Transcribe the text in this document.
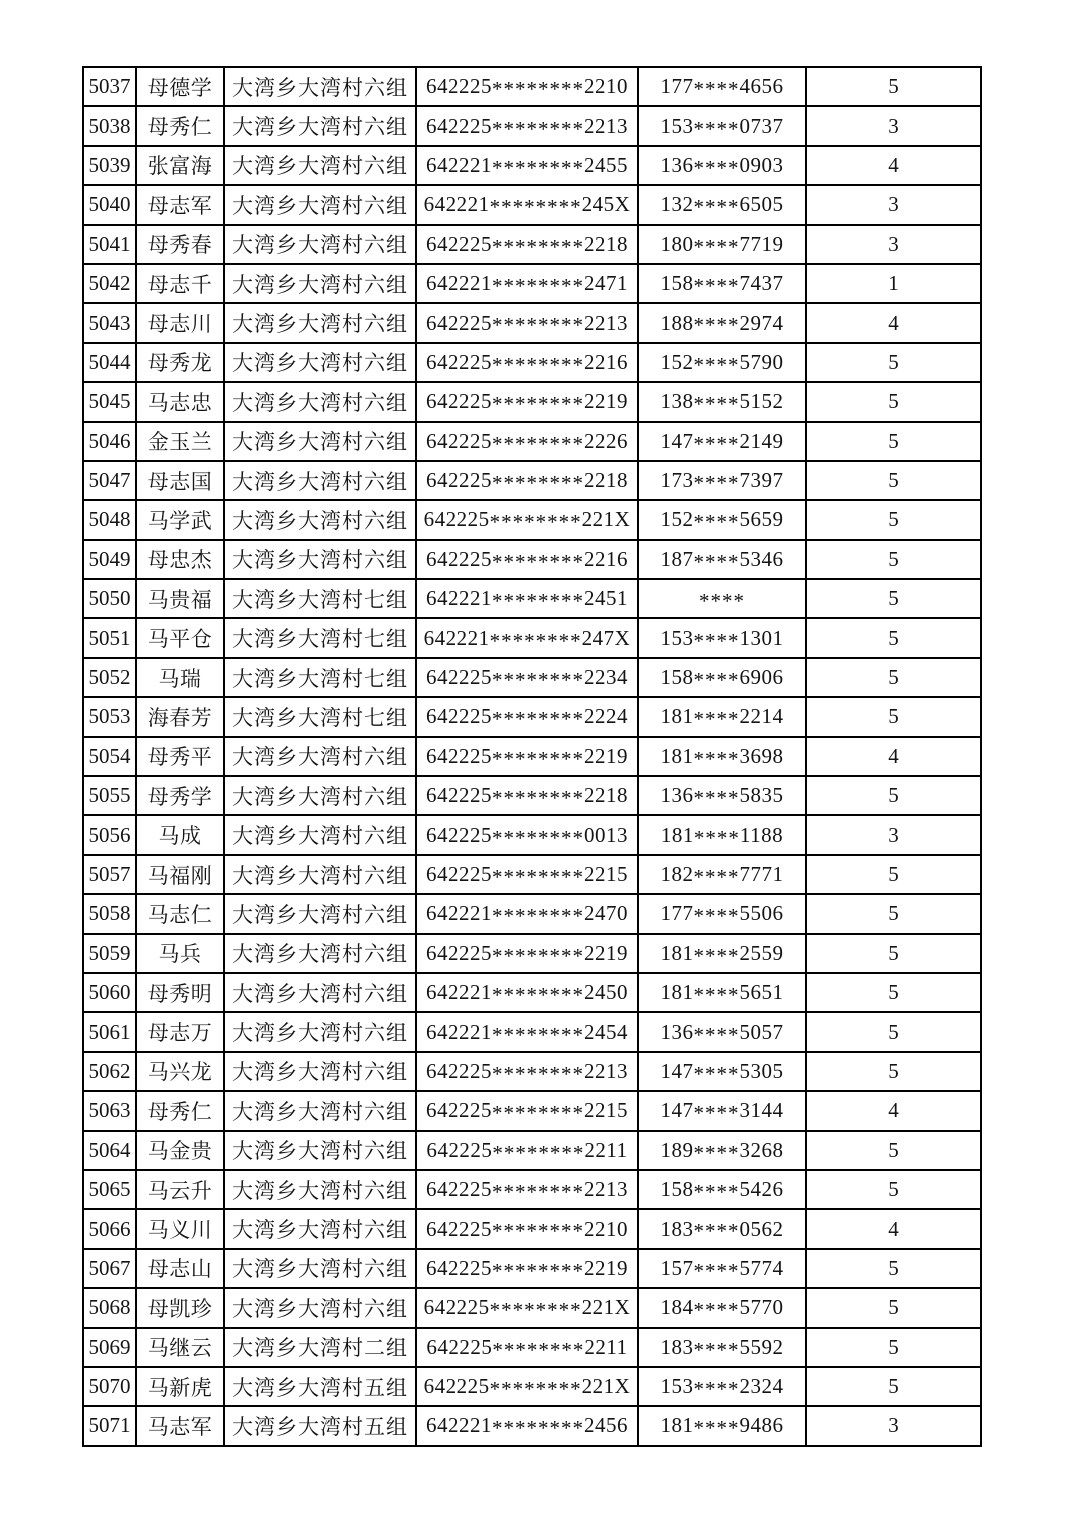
5037	母德学	大湾乡大湾村六组	642225********2210	177****4656	5
5038	母秀仁	大湾乡大湾村六组	642225********2213	153****0737	3
5039	张富海	大湾乡大湾村六组	642221********2455	136****0903	4
5040	母志军	大湾乡大湾村六组	642221********245X	132****6505	3
5041	母秀春	大湾乡大湾村六组	642225********2218	180****7719	3
5042	母志千	大湾乡大湾村六组	642221********2471	158****7437	1
5043	母志川	大湾乡大湾村六组	642225********2213	188****2974	4
5044	母秀龙	大湾乡大湾村六组	642225********2216	152****5790	5
5045	马志忠	大湾乡大湾村六组	642225********2219	138****5152	5
5046	金玉兰	大湾乡大湾村六组	642225********2226	147****2149	5
5047	母志国	大湾乡大湾村六组	642225********2218	173****7397	5
5048	马学武	大湾乡大湾村六组	642225********221X	152****5659	5
5049	母忠杰	大湾乡大湾村六组	642225********2216	187****5346	5
5050	马贵福	大湾乡大湾村七组	642221********2451	****	5
5051	马平仓	大湾乡大湾村七组	642221********247X	153****1301	5
5052	马瑞	大湾乡大湾村七组	642225********2234	158****6906	5
5053	海春芳	大湾乡大湾村七组	642225********2224	181****2214	5
5054	母秀平	大湾乡大湾村六组	642225********2219	181****3698	4
5055	母秀学	大湾乡大湾村六组	642225********2218	136****5835	5
5056	马成	大湾乡大湾村六组	642225********0013	181****1188	3
5057	马福刚	大湾乡大湾村六组	642225********2215	182****7771	5
5058	马志仁	大湾乡大湾村六组	642221********2470	177****5506	5
5059	马兵	大湾乡大湾村六组	642225********2219	181****2559	5
5060	母秀明	大湾乡大湾村六组	642221********2450	181****5651	5
5061	母志万	大湾乡大湾村六组	642221********2454	136****5057	5
5062	马兴龙	大湾乡大湾村六组	642225********2213	147****5305	5
5063	母秀仁	大湾乡大湾村六组	642225********2215	147****3144	4
5064	马金贵	大湾乡大湾村六组	642225********2211	189****3268	5
5065	马云升	大湾乡大湾村六组	642225********2213	158****5426	5
5066	马义川	大湾乡大湾村六组	642225********2210	183****0562	4
5067	母志山	大湾乡大湾村六组	642225********2219	157****5774	5
5068	母凯珍	大湾乡大湾村六组	642225********221X	184****5770	5
5069	马继云	大湾乡大湾村二组	642225********2211	183****5592	5
5070	马新虎	大湾乡大湾村五组	642225********221X	153****2324	5
5071	马志军	大湾乡大湾村五组	642221********2456	181****9486	3
